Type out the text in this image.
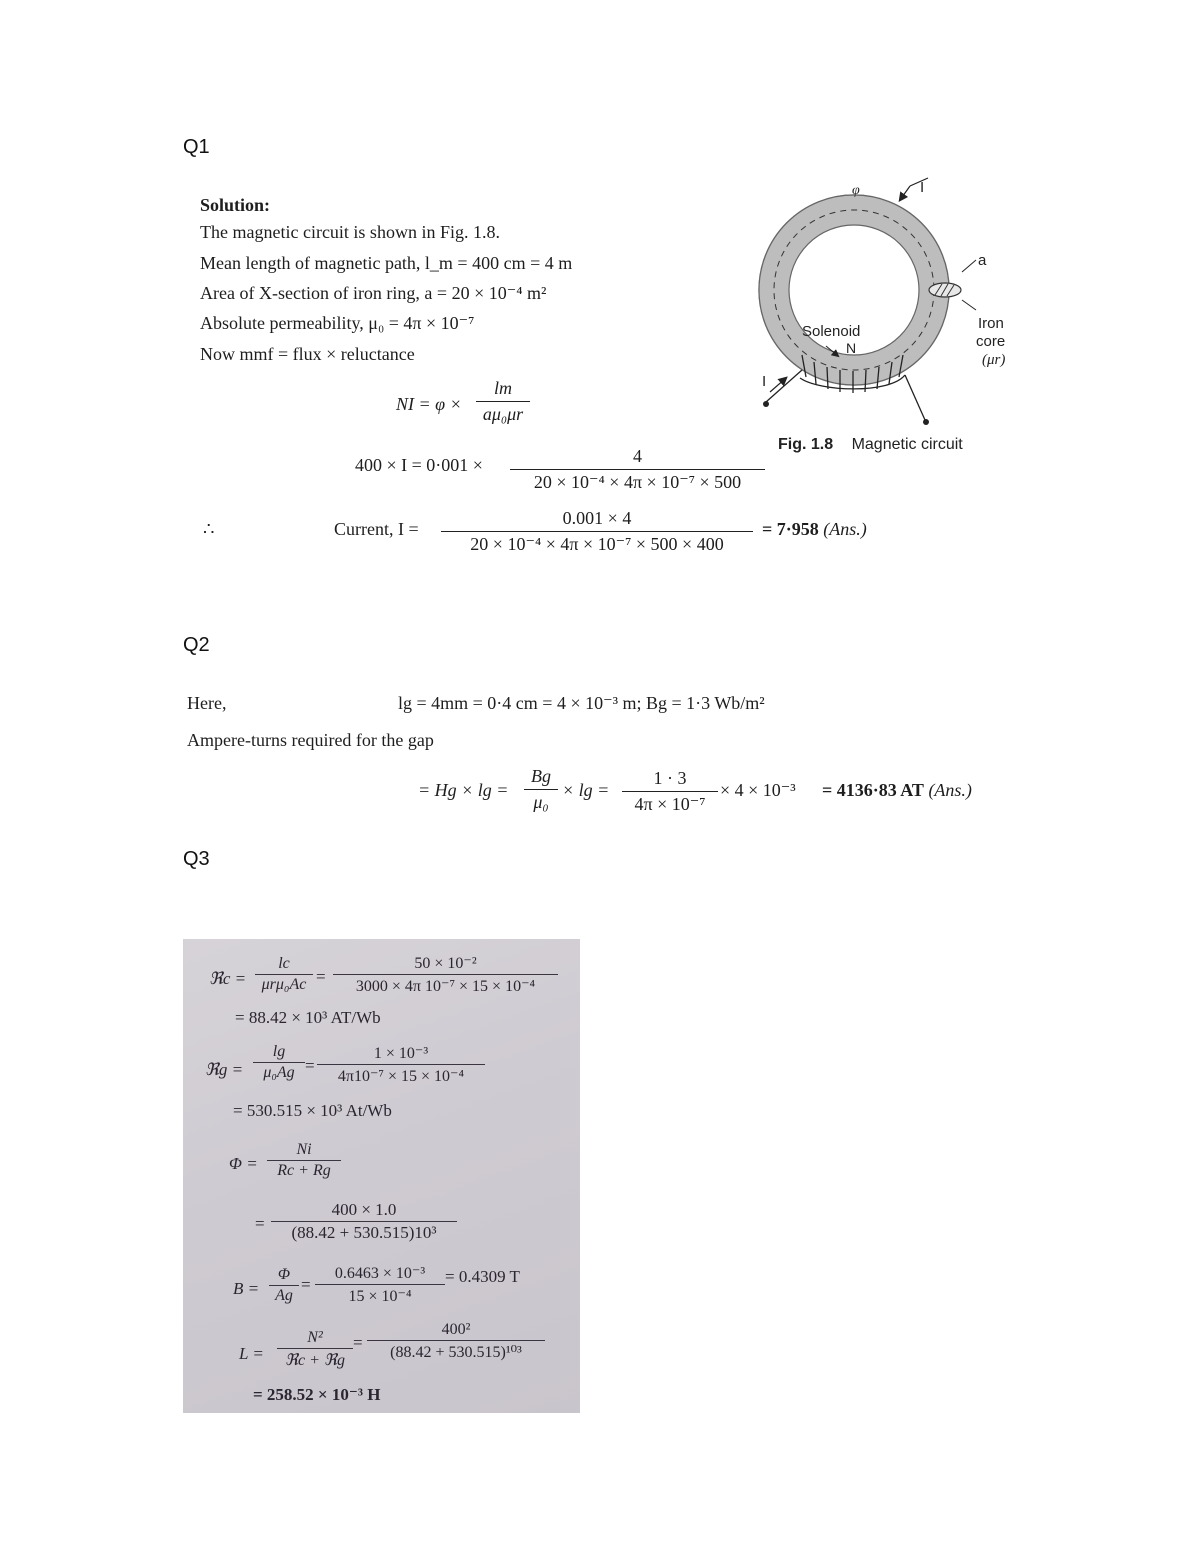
Q1
Solution:
The magnetic circuit is shown in Fig. 1.8.
Mean length of magnetic path, l_m = 400 cm = 4 m
Area of X-section of iron ring, a = 20 × 10⁻⁴ m²
Absolute permeability, μ₀ = 4π × 10⁻⁷
Now mmf = flux × reluctance
NI = φ ×
lm
aμ₀μr
400 × I = 0·001 ×	4
20 × 10⁻⁴ × 4π × 10⁻⁷ × 500
∴	Current, I =
0.001 × 4
20 × 10⁻⁴ × 4π × 10⁻⁷ × 500 × 400
= 7·958 (Ans.)
φ	I
I
a
Solenoid
N
Iron
core
(μr)
Fig. 1.8 Magnetic circuit
Q2
Here,	lg = 4mm = 0·4 cm = 4 × 10⁻³ m; Bg = 1·3 Wb/m²
Ampere-turns required for the gap
= Hg × lg =
Bg
μ₀
× lg =
1 · 3
4π × 10⁻⁷
× 4 × 10⁻³ = 4136·83 AT (Ans.)
Q3
ℜc =
lc
μrμ₀Ac =
50 × 10⁻²
3000 × 4π 10⁻⁷ × 15 × 10⁻⁴
= 88.42 × 10³ AT/Wb
ℜg =
lg
μ₀Ag =
1 × 10⁻³
4π10⁻⁷ × 15 × 10⁻⁴
= 530.515 × 10³ At/Wb
Φ =
Ni
Rc + Rg
=
400 × 1.0
(88.42 + 530.515)10³
B =
Φ
Ag
=
0.6463 × 10⁻³
15 × 10⁻⁴
= 0.4309 T
L =
N²
ℜc + ℜg
=
400²
(88.42 + 530.515)¹⁰³
= 258.52 × 10⁻³ H
